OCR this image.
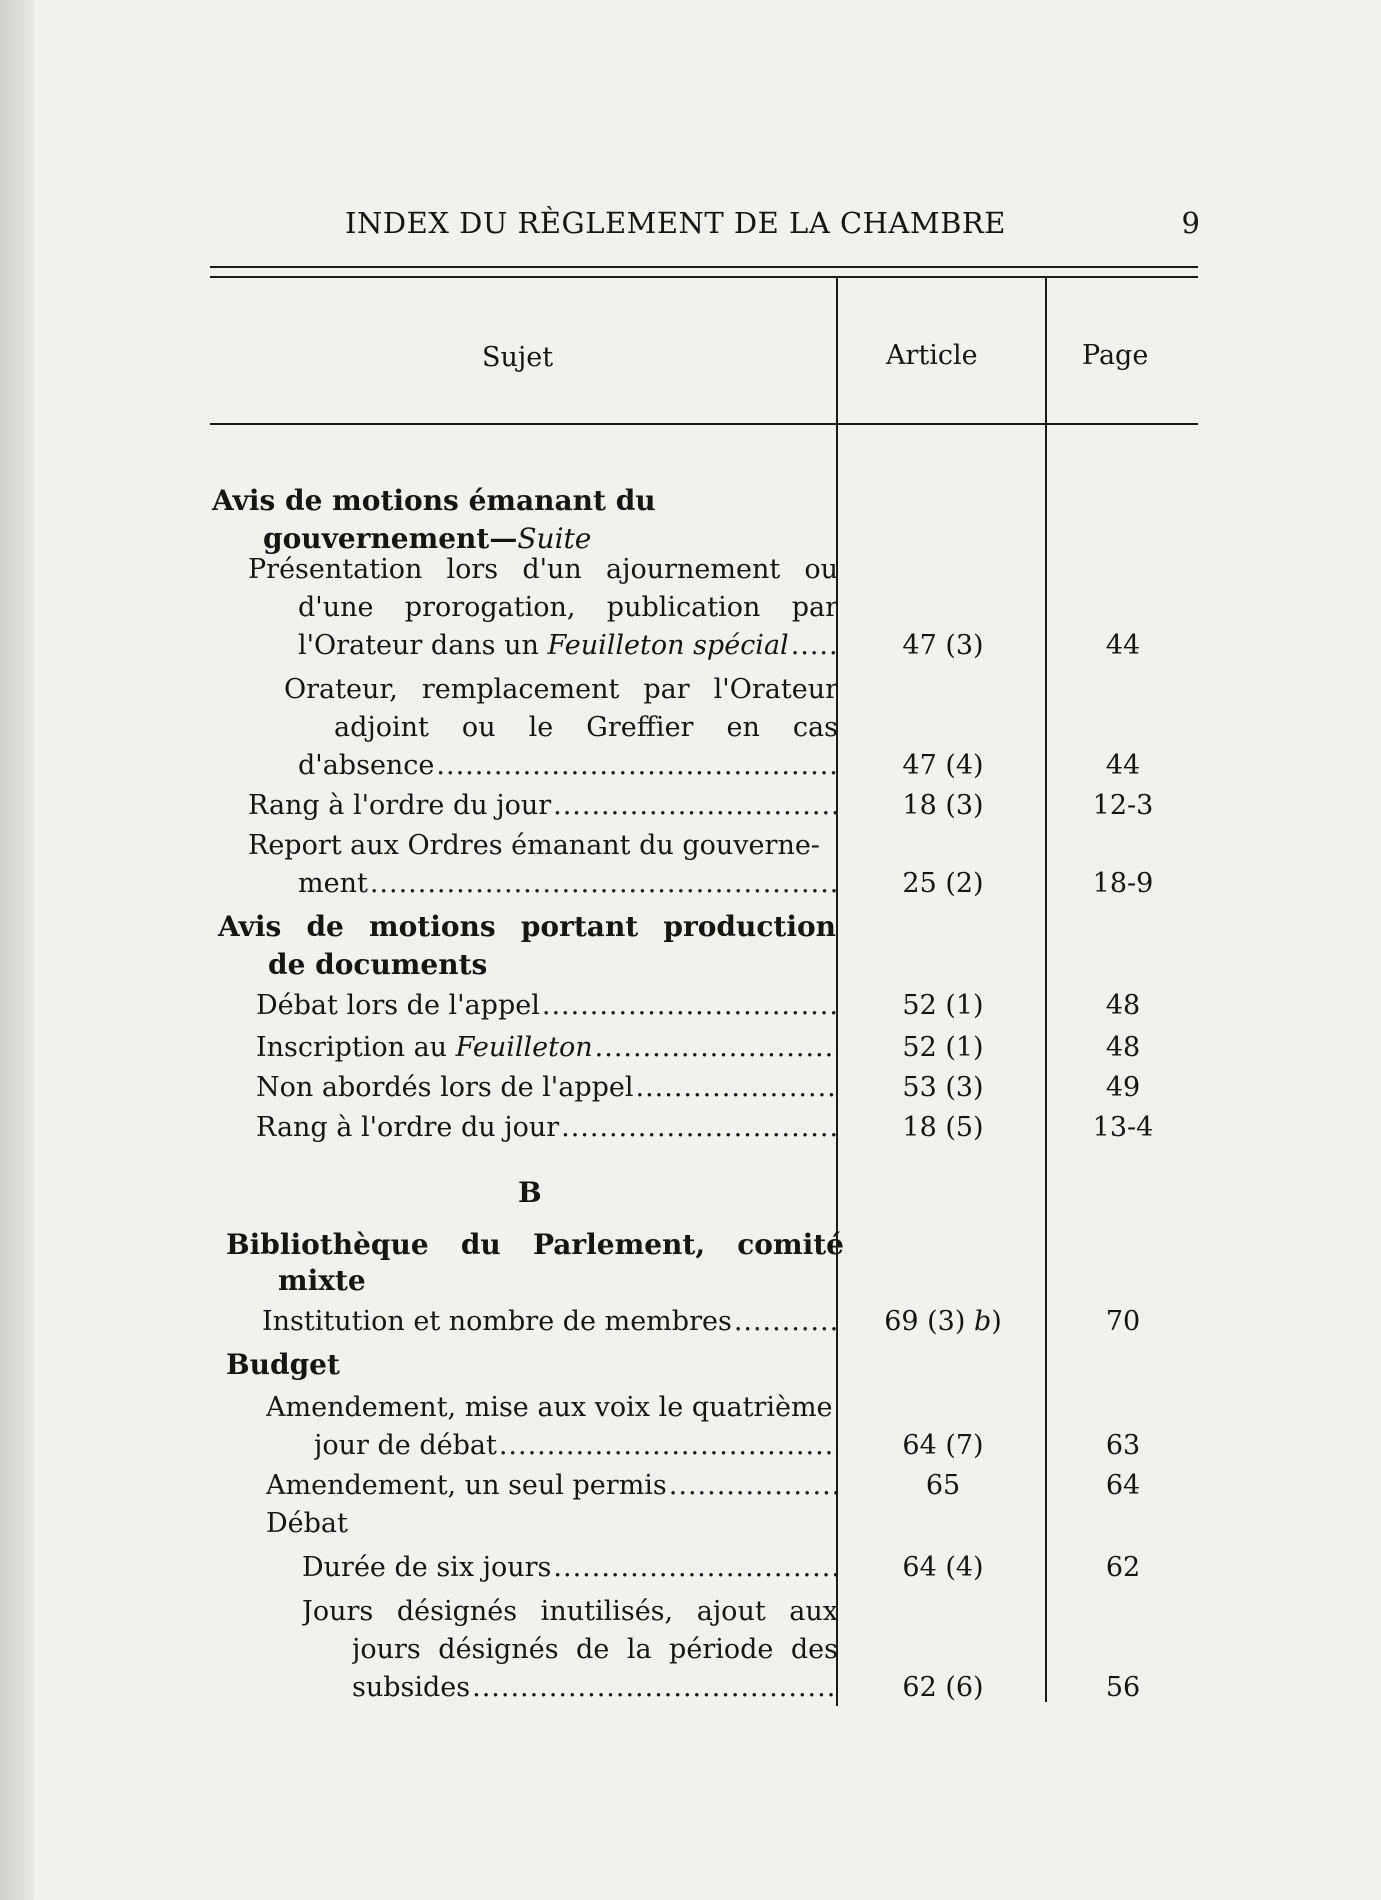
INDEX DU RÈGLEMENT DE LA CHAMBRE	9
Sujet	Article	Page
Avis de motions émanant du
gouvernement—Suite
Présentation lors d'un ajournement ou
d'une prorogation, publication par
l'Orateur dans un Feuilleton spécial .....	47 (3)	44
Orateur, remplacement par l'Orateur
adjoint ou le Greffier en cas
d'absence .....	47 (4)	44
Rang à l'ordre du jour .....	18 (3)	12-3
Report aux Ordres émanant du gouverne-
ment .....	25 (2)	18-9
Avis de motions portant production
de documents
Débat lors de l'appel .....	52 (1)	48
Inscription au Feuilleton .....	52 (1)	48
Non abordés lors de l'appel .....	53 (3)	49
Rang à l'ordre du jour .....	18 (5)	13-4
B
Bibliothèque du Parlement, comité
mixte
Institution et nombre de membres .....	69 (3) b)	70
Budget
Amendement, mise aux voix le quatrième
jour de débat .....	64 (7)	63
Amendement, un seul permis .....	65	64
Débat
Durée de six jours .....	64 (4)	62
Jours désignés inutilisés, ajout aux
jours désignés de la période des
subsides .....	62 (6)	56
